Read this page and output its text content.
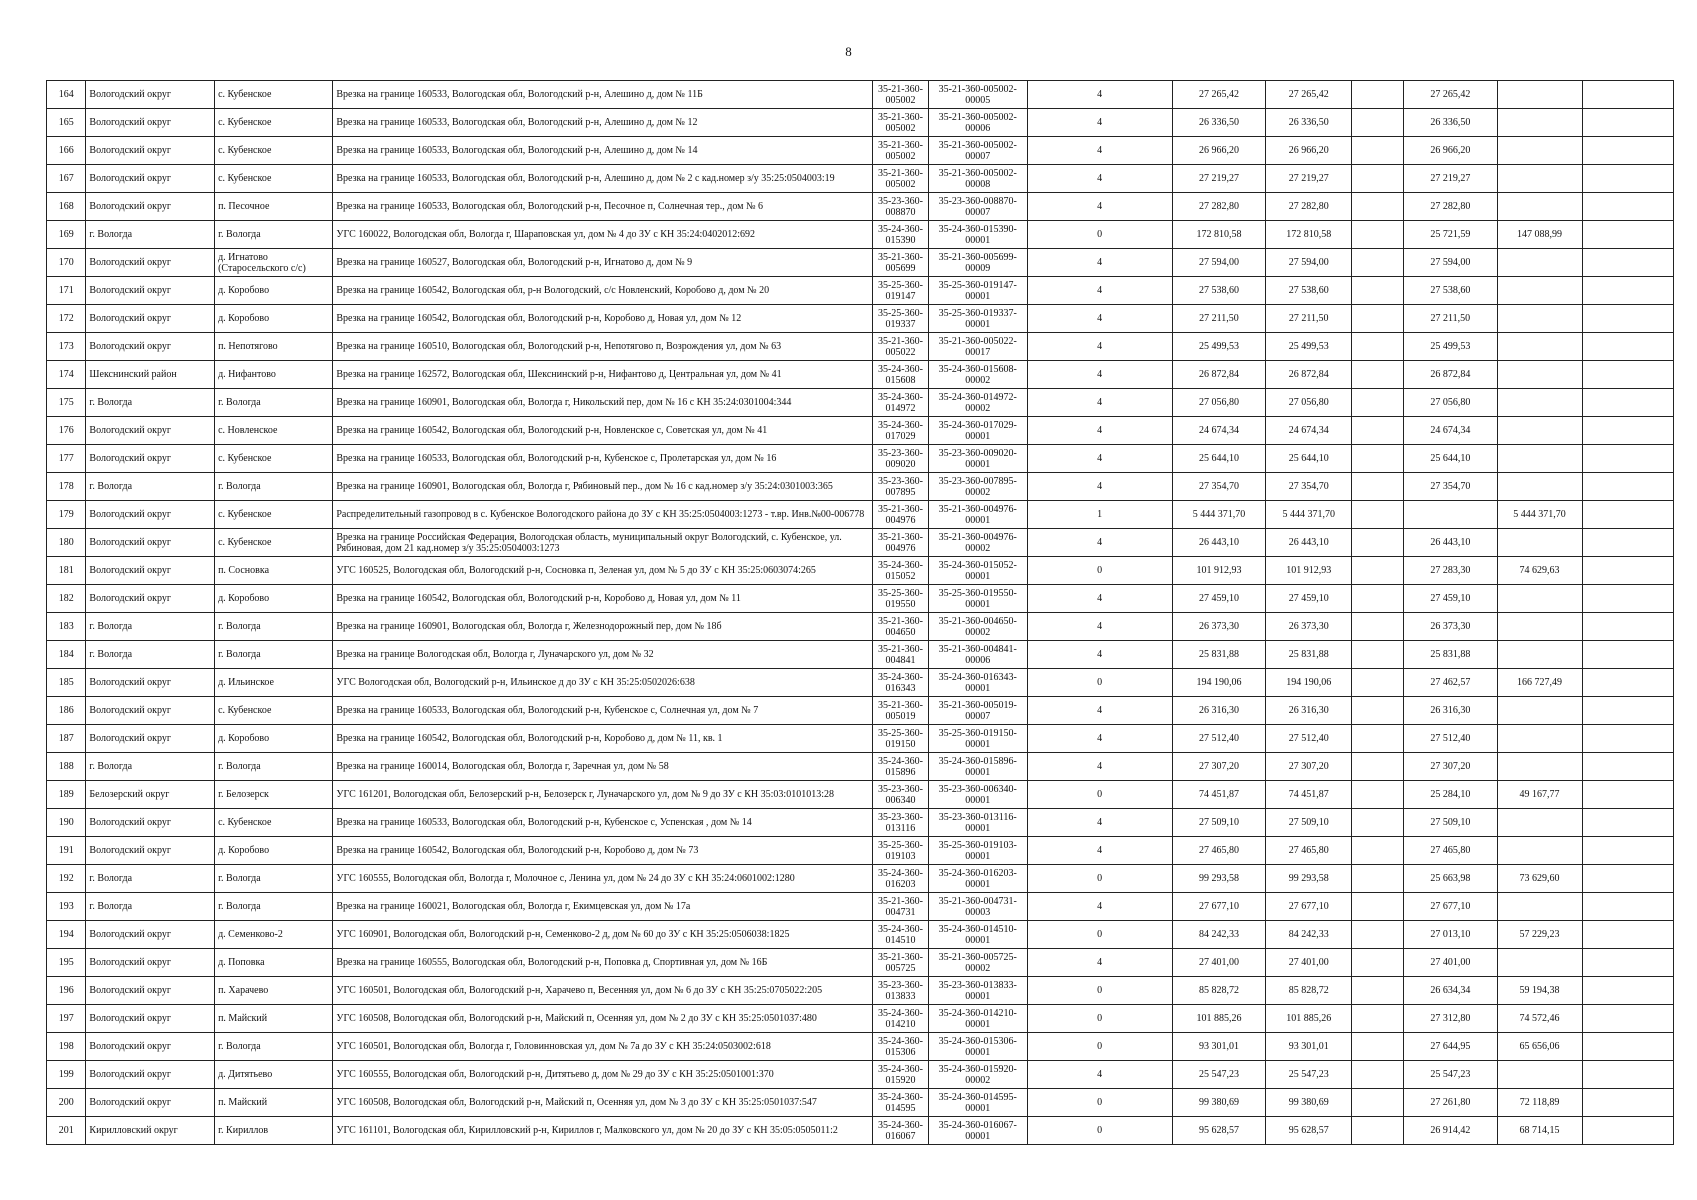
8
164	Вологодский округ	с. Кубенское	Врезка на границе 160533, Вологодская обл, Вологодский р-н, Алешино д, дом № 11Б	35-21-360-005002	35-21-360-005002-00005	4	27 265,42	27 265,42		27 265,42		
165	Вологодский округ	с. Кубенское	Врезка на границе 160533, Вологодская обл, Вологодский р-н, Алешино д, дом № 12	35-21-360-005002	35-21-360-005002-00006	4	26 336,50	26 336,50		26 336,50		
166	Вологодский округ	с. Кубенское	Врезка на границе 160533, Вологодская обл, Вологодский р-н, Алешино д, дом № 14	35-21-360-005002	35-21-360-005002-00007	4	26 966,20	26 966,20		26 966,20		
167	Вологодский округ	с. Кубенское	Врезка на границе 160533, Вологодская обл, Вологодский р-н, Алешино д, дом № 2 с кад.номер з/у 35:25:0504003:19	35-21-360-005002	35-21-360-005002-00008	4	27 219,27	27 219,27		27 219,27		
168	Вологодский округ	п. Песочное	Врезка на границе 160533, Вологодская обл, Вологодский р-н, Песочное п, Солнечная тер., дом № 6	35-23-360-008870	35-23-360-008870-00007	4	27 282,80	27 282,80		27 282,80		
169	г. Вологда	г. Вологда	УГС 160022, Вологодская обл, Вологда г, Шараповская ул, дом № 4 до ЗУ с КН 35:24:0402012:692	35-24-360-015390	35-24-360-015390-00001	0	172 810,58	172 810,58		25 721,59	147 088,99	
170	Вологодский округ	д. Игнатово (Старосельского с/с)	Врезка на границе 160527, Вологодская обл, Вологодский р-н, Игнатово д, дом № 9	35-21-360-005699	35-21-360-005699-00009	4	27 594,00	27 594,00		27 594,00		
171	Вологодский округ	д. Коробово	Врезка на границе 160542, Вологодская обл, р-н Вологодский, с/с Новленский, Коробово д, дом № 20	35-25-360-019147	35-25-360-019147-00001	4	27 538,60	27 538,60		27 538,60		
172	Вологодский округ	д. Коробово	Врезка на границе 160542, Вологодская обл, Вологодский р-н, Коробово д, Новая ул, дом № 12	35-25-360-019337	35-25-360-019337-00001	4	27 211,50	27 211,50		27 211,50		
173	Вологодский округ	п. Непотягово	Врезка на границе 160510, Вологодская обл, Вологодский р-н, Непотягово п, Возрождения ул, дом № 63	35-21-360-005022	35-21-360-005022-00017	4	25 499,53	25 499,53		25 499,53		
174	Шекснинский район	д. Нифантово	Врезка на границе 162572, Вологодская обл, Шекснинский р-н, Нифантово д, Центральная ул, дом № 41	35-24-360-015608	35-24-360-015608-00002	4	26 872,84	26 872,84		26 872,84		
175	г. Вологда	г. Вологда	Врезка на границе 160901, Вологодская обл, Вологда г, Никольский пер, дом № 16 с КН 35:24:0301004:344	35-24-360-014972	35-24-360-014972-00002	4	27 056,80	27 056,80		27 056,80		
176	Вологодский округ	с. Новленское	Врезка на границе 160542, Вологодская обл, Вологодский р-н, Новленское с, Советская ул, дом № 41	35-24-360-017029	35-24-360-017029-00001	4	24 674,34	24 674,34		24 674,34		
177	Вологодский округ	с. Кубенское	Врезка на границе 160533, Вологодская обл, Вологодский р-н, Кубенское с, Пролетарская ул, дом № 16	35-23-360-009020	35-23-360-009020-00001	4	25 644,10	25 644,10		25 644,10		
178	г. Вологда	г. Вологда	Врезка на границе 160901, Вологодская обл, Вологда г, Рябиновый пер., дом № 16 с кад.номер з/у 35:24:0301003:365	35-23-360-007895	35-23-360-007895-00002	4	27 354,70	27 354,70		27 354,70		
179	Вологодский округ	с. Кубенское	Распределительный газопровод в с. Кубенское Вологодского района до ЗУ с КН 35:25:0504003:1273 - т.вр. Инв.№00-006778	35-21-360-004976	35-21-360-004976-00001	1	5 444 371,70	5 444 371,70			5 444 371,70	
180	Вологодский округ	с. Кубенское	Врезка на границе Российская Федерация, Вологодская область, муниципальный округ Вологодский, с. Кубенское, ул. Рябиновая, дом 21 кад.номер з/у 35:25:0504003:1273	35-21-360-004976	35-21-360-004976-00002	4	26 443,10	26 443,10		26 443,10		
181	Вологодский округ	п. Сосновка	УГС 160525, Вологодская обл, Вологодский р-н, Сосновка п, Зеленая ул, дом № 5 до ЗУ с КН 35:25:0603074:265	35-24-360-015052	35-24-360-015052-00001	0	101 912,93	101 912,93		27 283,30	74 629,63	
182	Вологодский округ	д. Коробово	Врезка на границе 160542, Вологодская обл, Вологодский р-н, Коробово д, Новая ул, дом № 11	35-25-360-019550	35-25-360-019550-00001	4	27 459,10	27 459,10		27 459,10		
183	г. Вологда	г. Вологда	Врезка на границе 160901, Вологодская обл, Вологда г, Железнодорожный пер, дом № 18б	35-21-360-004650	35-21-360-004650-00002	4	26 373,30	26 373,30		26 373,30		
184	г. Вологда	г. Вологда	Врезка на границе Вологодская обл, Вологда г, Луначарского ул, дом № 32	35-21-360-004841	35-21-360-004841-00006	4	25 831,88	25 831,88		25 831,88		
185	Вологодский округ	д. Ильинское	УГС Вологодская обл, Вологодский р-н, Ильинское д до ЗУ с КН 35:25:0502026:638	35-24-360-016343	35-24-360-016343-00001	0	194 190,06	194 190,06		27 462,57	166 727,49	
186	Вологодский округ	с. Кубенское	Врезка на границе 160533, Вологодская обл, Вологодский р-н, Кубенское с, Солнечная ул, дом № 7	35-21-360-005019	35-21-360-005019-00007	4	26 316,30	26 316,30		26 316,30		
187	Вологодский округ	д. Коробово	Врезка на границе 160542, Вологодская обл, Вологодский р-н, Коробово д, дом № 11, кв. 1	35-25-360-019150	35-25-360-019150-00001	4	27 512,40	27 512,40		27 512,40		
188	г. Вологда	г. Вологда	Врезка на границе 160014, Вологодская обл, Вологда г, Заречная ул, дом № 58	35-24-360-015896	35-24-360-015896-00001	4	27 307,20	27 307,20		27 307,20		
189	Белозерский округ	г. Белозерск	УГС 161201, Вологодская обл, Белозерский р-н, Белозерск г, Луначарского ул, дом № 9 до ЗУ с КН 35:03:0101013:28	35-23-360-006340	35-23-360-006340-00001	0	74 451,87	74 451,87		25 284,10	49 167,77	
190	Вологодский округ	с. Кубенское	Врезка на границе 160533, Вологодская обл, Вологодский р-н, Кубенское с, Успенская , дом № 14	35-23-360-013116	35-23-360-013116-00001	4	27 509,10	27 509,10		27 509,10		
191	Вологодский округ	д. Коробово	Врезка на границе 160542, Вологодская обл, Вологодский р-н, Коробово д, дом № 73	35-25-360-019103	35-25-360-019103-00001	4	27 465,80	27 465,80		27 465,80		
192	г. Вологда	г. Вологда	УГС 160555, Вологодская обл, Вологда г, Молочное с, Ленина ул, дом № 24 до ЗУ с КН 35:24:0601002:1280	35-24-360-016203	35-24-360-016203-00001	0	99 293,58	99 293,58		25 663,98	73 629,60	
193	г. Вологда	г. Вологда	Врезка на границе 160021, Вологодская обл, Вологда г, Екимцевская ул, дом № 17а	35-21-360-004731	35-21-360-004731-00003	4	27 677,10	27 677,10		27 677,10		
194	Вологодский округ	д. Семенково-2	УГС 160901, Вологодская обл, Вологодский р-н, Семенково-2 д, дом № 60 до ЗУ с КН 35:25:0506038:1825	35-24-360-014510	35-24-360-014510-00001	0	84 242,33	84 242,33		27 013,10	57 229,23	
195	Вологодский округ	д. Поповка	Врезка на границе 160555, Вологодская обл, Вологодский р-н, Поповка д, Спортивная ул, дом № 16Б	35-21-360-005725	35-21-360-005725-00002	4	27 401,00	27 401,00		27 401,00		
196	Вологодский округ	п. Харачево	УГС 160501, Вологодская обл, Вологодский р-н, Харачево п, Весенняя ул, дом № 6 до ЗУ с КН 35:25:0705022:205	35-23-360-013833	35-23-360-013833-00001	0	85 828,72	85 828,72		26 634,34	59 194,38	
197	Вологодский округ	п. Майский	УГС 160508, Вологодская обл, Вологодский р-н, Майский п, Осенняя ул, дом № 2 до ЗУ с КН 35:25:0501037:480	35-24-360-014210	35-24-360-014210-00001	0	101 885,26	101 885,26		27 312,80	74 572,46	
198	Вологодский округ	г. Вологда	УГС 160501, Вологодская обл, Вологда г, Головинновская ул, дом № 7а до ЗУ с КН 35:24:0503002:618	35-24-360-015306	35-24-360-015306-00001	0	93 301,01	93 301,01		27 644,95	65 656,06	
199	Вологодский округ	д. Дитятьево	УГС 160555, Вологодская обл, Вологодский р-н, Дитятьево д, дом № 29 до ЗУ с КН 35:25:0501001:370	35-24-360-015920	35-24-360-015920-00002	4	25 547,23	25 547,23		25 547,23		
200	Вологодский округ	п. Майский	УГС 160508, Вологодская обл, Вологодский р-н, Майский п, Осенняя ул, дом № 3 до ЗУ с КН 35:25:0501037:547	35-24-360-014595	35-24-360-014595-00001	0	99 380,69	99 380,69		27 261,80	72 118,89	
201	Кирилловский округ	г. Кириллов	УГС 161101, Вологодская обл, Кирилловский р-н, Кириллов г, Малковского ул, дом № 20 до ЗУ с КН 35:05:0505011:2	35-24-360-016067	35-24-360-016067-00001	0	95 628,57	95 628,57		26 914,42	68 714,15	
